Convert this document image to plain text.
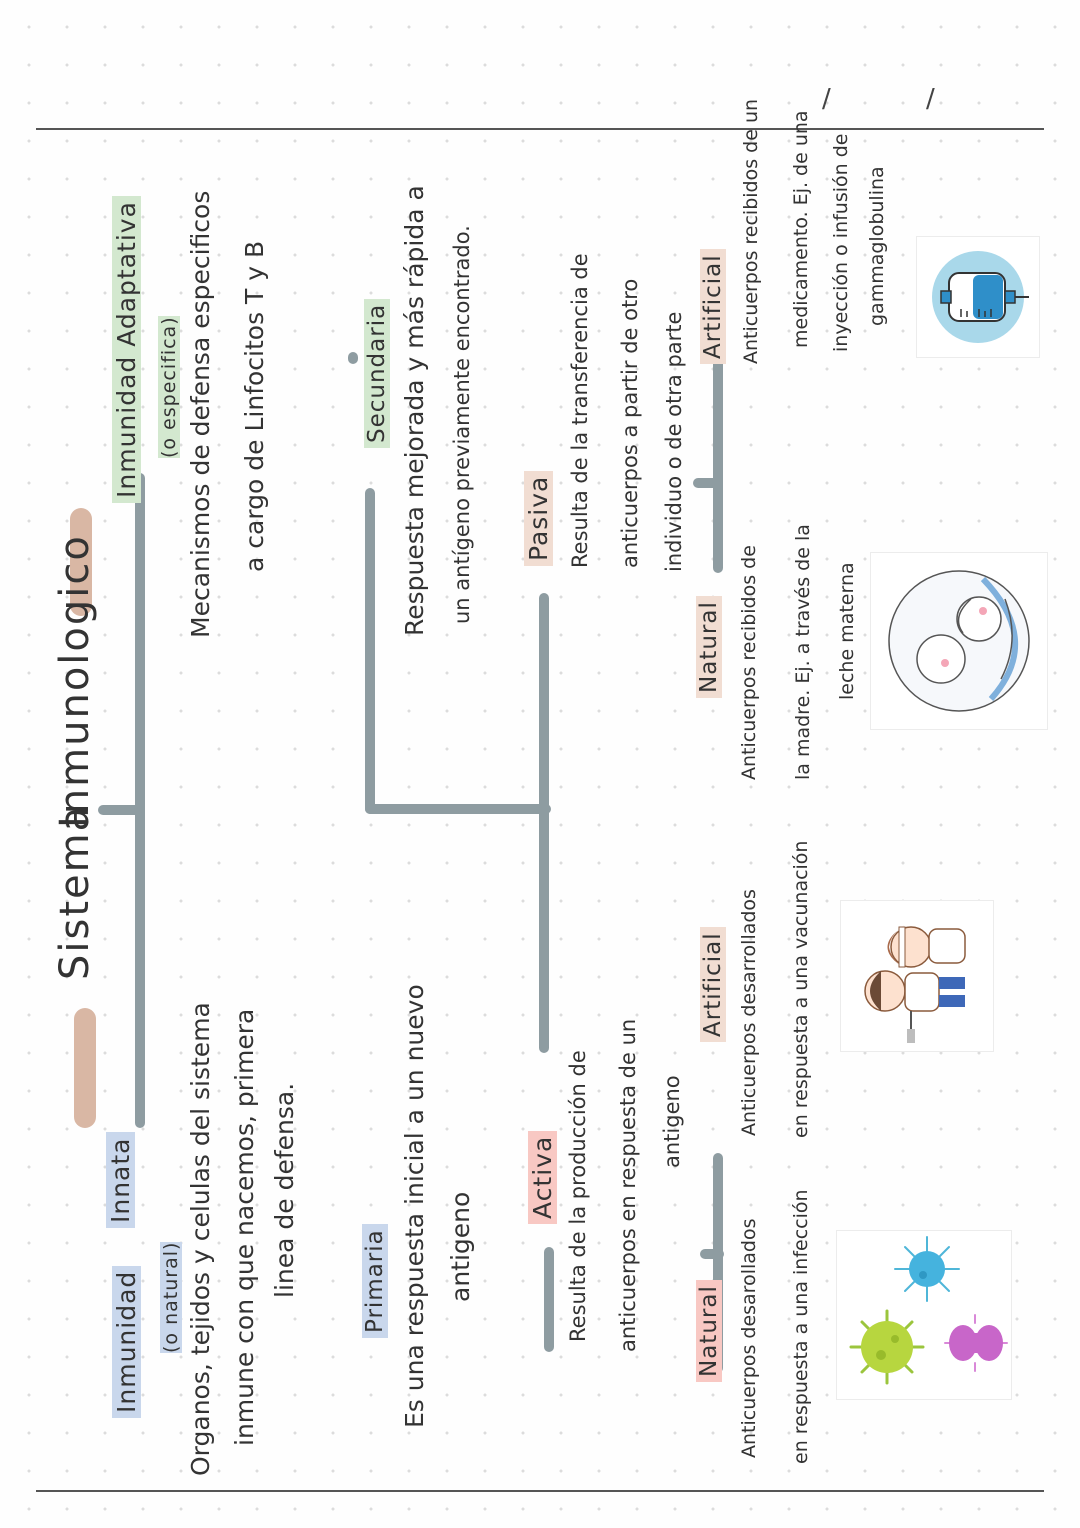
/	/
Sistema
Inmunologico
Inmunidad
Innata
(o natural) Organos, tejidos y celulas del sistema inmune con que nacemos, primera linea de defensa.
Inmunidad Adaptativa (o especifica) Mecanismos de defensa especificos a cargo de Linfocitos T y B
Primaria Es una respuesta inicial a un nuevo antigeno
Secundaria Respuesta mejorada y más rápida a un antígeno previamente encontrado.
Activa Resulta de la producción de anticuerpos en respuesta de un antigeno
Pasiva Resulta de la transferencia de anticuerpos a partir de otro individuo o de otra parte
Natural Anticuerpos desarollados en respuesta a una infección
Artificial Anticuerpos desarrollados en respuesta a una vacunación
Natural Anticuerpos recibidos de la madre. Ej. a través de la leche materna
Artificial Anticuerpos recibidos de un medicamento. Ej. de una inyección o infusión de gammaglobulina
